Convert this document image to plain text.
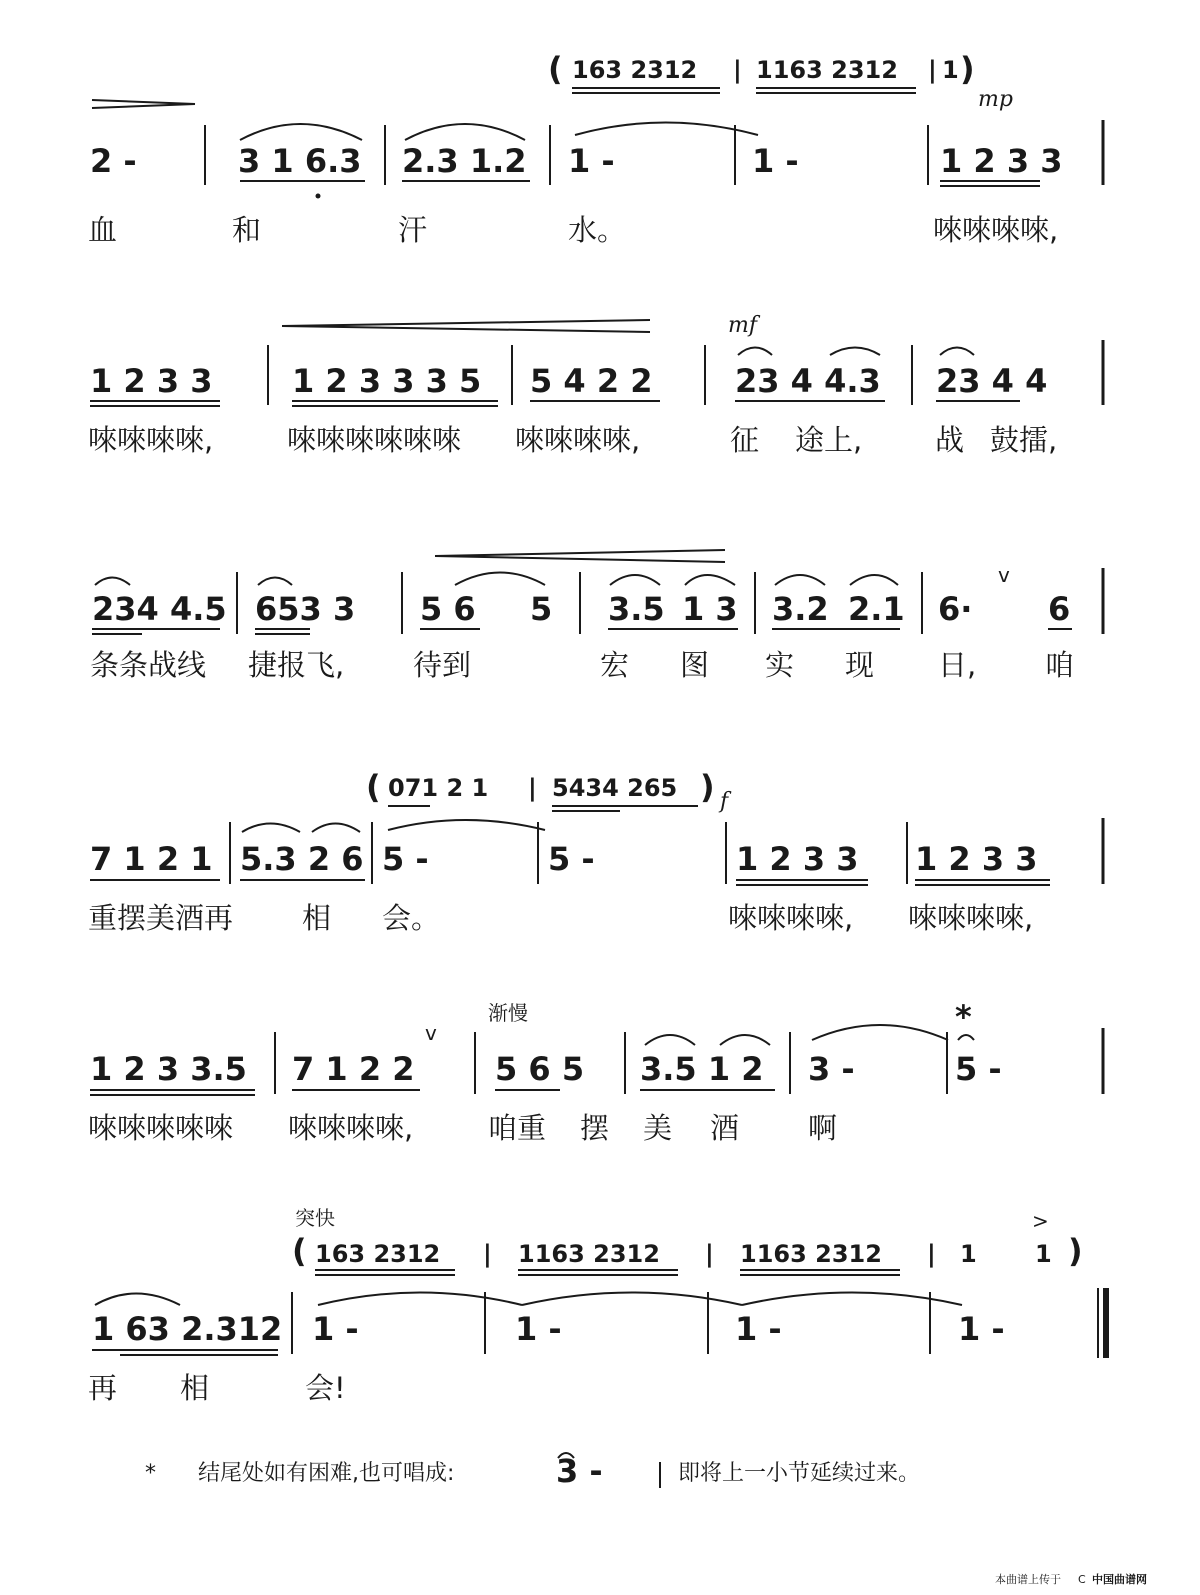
( 163 2312 | 1163 2312 | 1 )
mp
2 -	3 1 6.3 2.3 1.2 1 -	1 -	1 2 3 3
血	和	汗	水。	唻唻唻唻,
mf
1 2 3 3 1 2 3 3 3 5 5 4 2 2	23 4 4.3 23 4 4
唻唻唻唻,	唻唻唻唻唻唻 唻唻唻唻,	征 途上,	战 鼓擂,
v
234 4.5 653 3 5 6 5 3.5 1 3 3.2 2.1 6· 6
条条战线 捷报飞, 待到	宏 图 实 现 日, 咱
( 071 2 1 | 5434 265 ) f
7 1 2 1 5.3 2 6 5 -	5 -	1 2 3 3 1 2 3 3
重摆美酒再 相 会。	唻唻唻唻, 唻唻唻唻,
渐慢
v	*
1 2 3 3.5 7 1 2 2	5 6 5 3.5 1 2 3 -	5 -
唻唻唻唻唻 唻唻唻唻,	咱重 摆 美 酒 啊
突快
( 163 2312 | 1163 2312 | 1163 2312 | 1 1 )
>
1 63 2.312 1 -	1 -	1 -	1 -
再 相	会!
* 结尾处如有困难,也可唱成:	3 -	即将上一小节延续过来。
本曲谱上传于 C 中国曲谱网
